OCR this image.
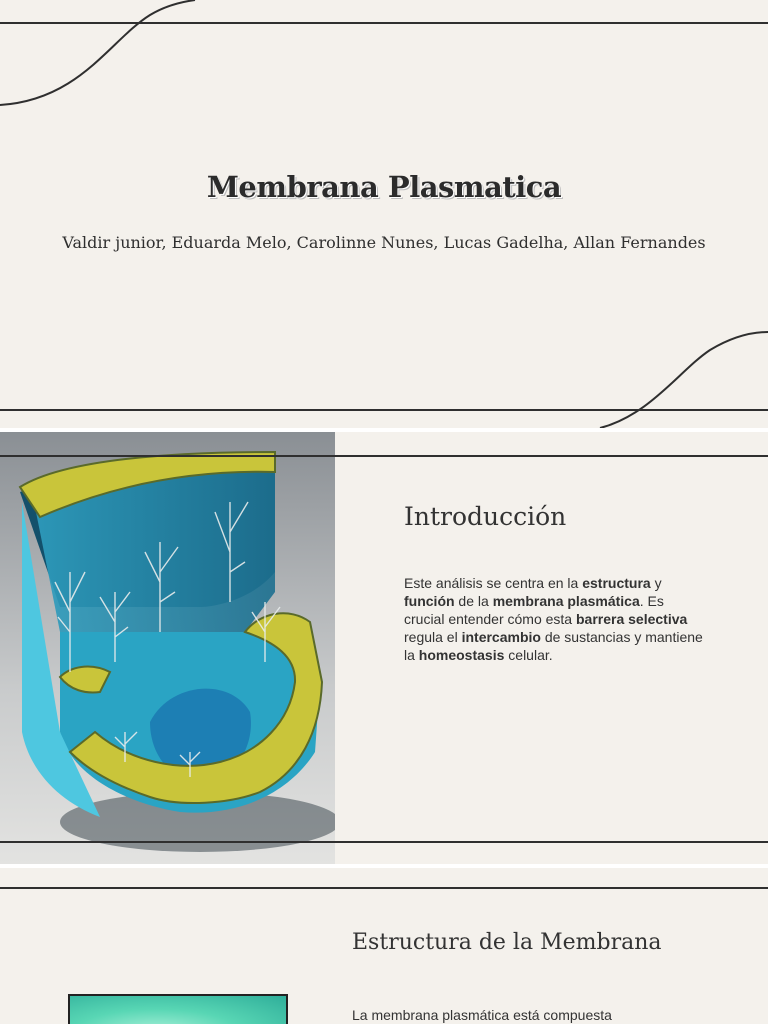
Membrana Plasmatica
Valdir junior, Eduarda Melo, Carolinne Nunes, Lucas Gadelha, Allan Fernandes
Introducción
Este análisis se centra en la estructura y función de la membrana plasmática. Es crucial entender cómo esta barrera selectiva regula el intercambio de sustancias y mantiene la homeostasis celular.
Estructura de la Membrana
La membrana plasmática está compuesta
